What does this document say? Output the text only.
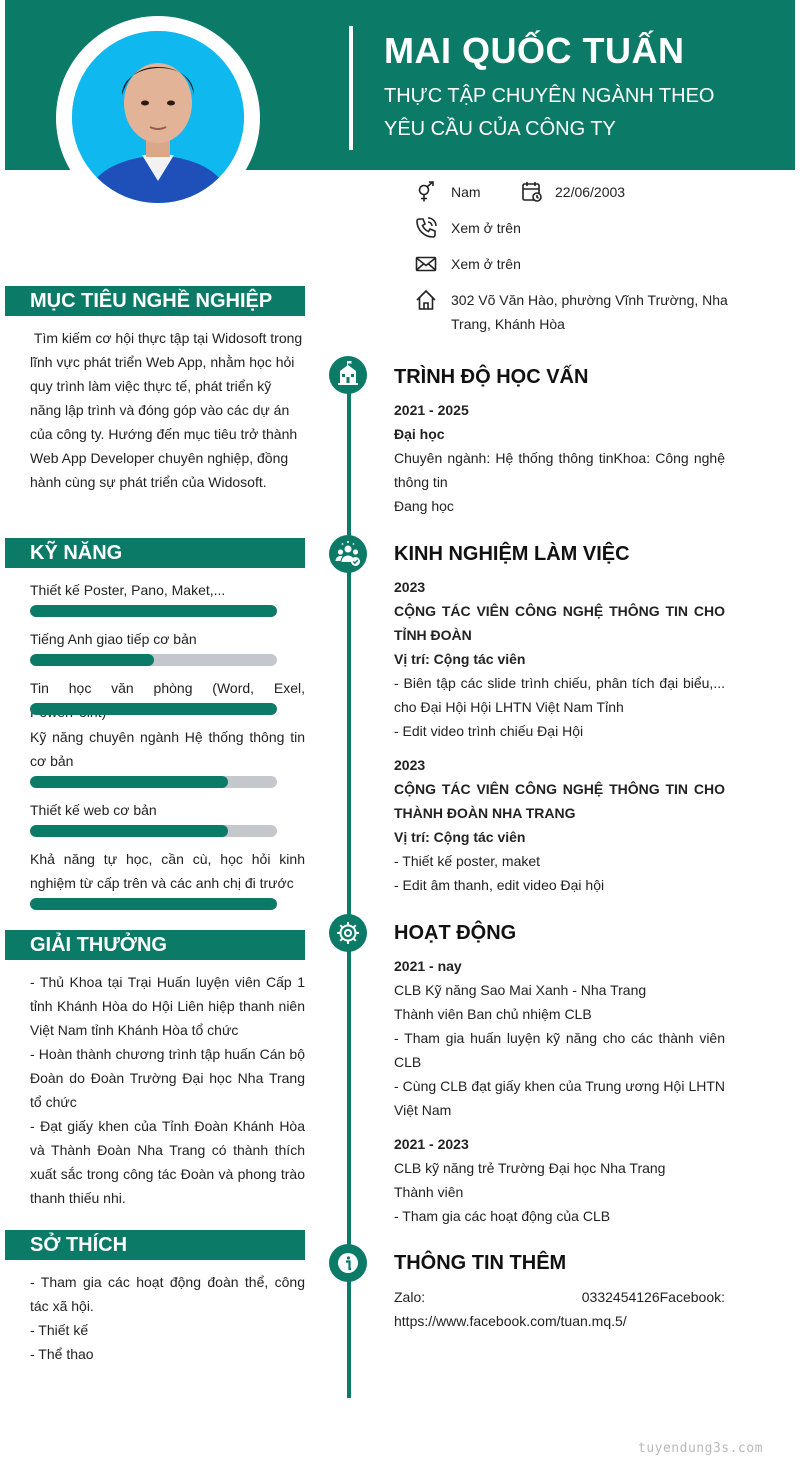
MAI QUỐC TUẤN
THỰC TẬP CHUYÊN NGÀNH THEO YÊU CẦU CỦA CÔNG TY
Nam	22/06/2003
Xem ở trên
Xem ở trên
302 Võ Văn Hào, phường Vĩnh Trường, Nha Trang, Khánh Hòa
MỤC TIÊU NGHỀ NGHIỆP
Tìm kiếm cơ hội thực tập tại Widosoft trong lĩnh vực phát triển Web App, nhằm học hỏi quy trình làm việc thực tế, phát triển kỹ năng lập trình và đóng góp vào các dự án của công ty. Hướng đến mục tiêu trở thành Web App Developer chuyên nghiệp, đồng hành cùng sự phát triển của Widosoft.
KỸ NĂNG
Thiết kế Poster, Pano, Maket,...
Tiếng Anh giao tiếp cơ bản
Tin học văn phòng (Word, Exel,
Kỹ năng chuyên ngành Hệ thống thông tin cơ bản
Thiết kế web cơ bản
Khả năng tự học, cần cù, học hỏi kinh nghiệm từ cấp trên và các anh chị đi trước
GIẢI THƯỞNG
- Thủ Khoa tại Trại Huấn luyện viên Cấp 1 tỉnh Khánh Hòa do Hội Liên hiệp thanh niên Việt Nam tỉnh Khánh Hòa tổ chức
- Hoàn thành chương trình tập huấn Cán bộ Đoàn do Đoàn Trường Đại học Nha Trang tổ chức
- Đạt giấy khen của Tỉnh Đoàn Khánh Hòa và Thành Đoàn Nha Trang có thành thích xuất sắc trong công tác Đoàn và phong trào thanh thiếu nhi.
SỞ THÍCH
- Tham gia các hoạt động đoàn thể, công tác xã hội.
- Thiết kế
- Thể thao
TRÌNH ĐỘ HỌC VẤN
2021 - 2025
Đại học
Chuyên ngành: Hệ thống thông tinKhoa: Công nghệ thông tin
Đang học
KINH NGHIỆM LÀM VIỆC
2023
CỘNG TÁC VIÊN CÔNG NGHỆ THÔNG TIN CHO TỈNH ĐOÀN
Vị trí: Cộng tác viên
- Biên tập các slide trình chiếu, phân tích đại biểu,... cho Đại Hội Hội LHTN Việt Nam Tỉnh
- Edit video trình chiếu Đại Hội
2023
CỘNG TÁC VIÊN CÔNG NGHỆ THÔNG TIN CHO THÀNH ĐOÀN NHA TRANG
Vị trí: Cộng tác viên
- Thiết kế poster, maket
- Edit âm thanh, edit video Đại hội
HOẠT ĐỘNG
2021 - nay
CLB Kỹ năng Sao Mai Xanh - Nha Trang
Thành viên Ban chủ nhiệm CLB
- Tham gia huấn luyện kỹ năng cho các thành viên CLB
- Cùng CLB đạt giấy khen của Trung ương Hội LHTN Việt Nam
2021 - 2023
CLB kỹ năng trẻ Trường Đại học Nha Trang
Thành viên
- Tham gia các hoạt động của CLB
THÔNG TIN THÊM
Zalo: 0332454126Facebook: https://www.facebook.com/tuan.mq.5/
tuyendung3s.com
